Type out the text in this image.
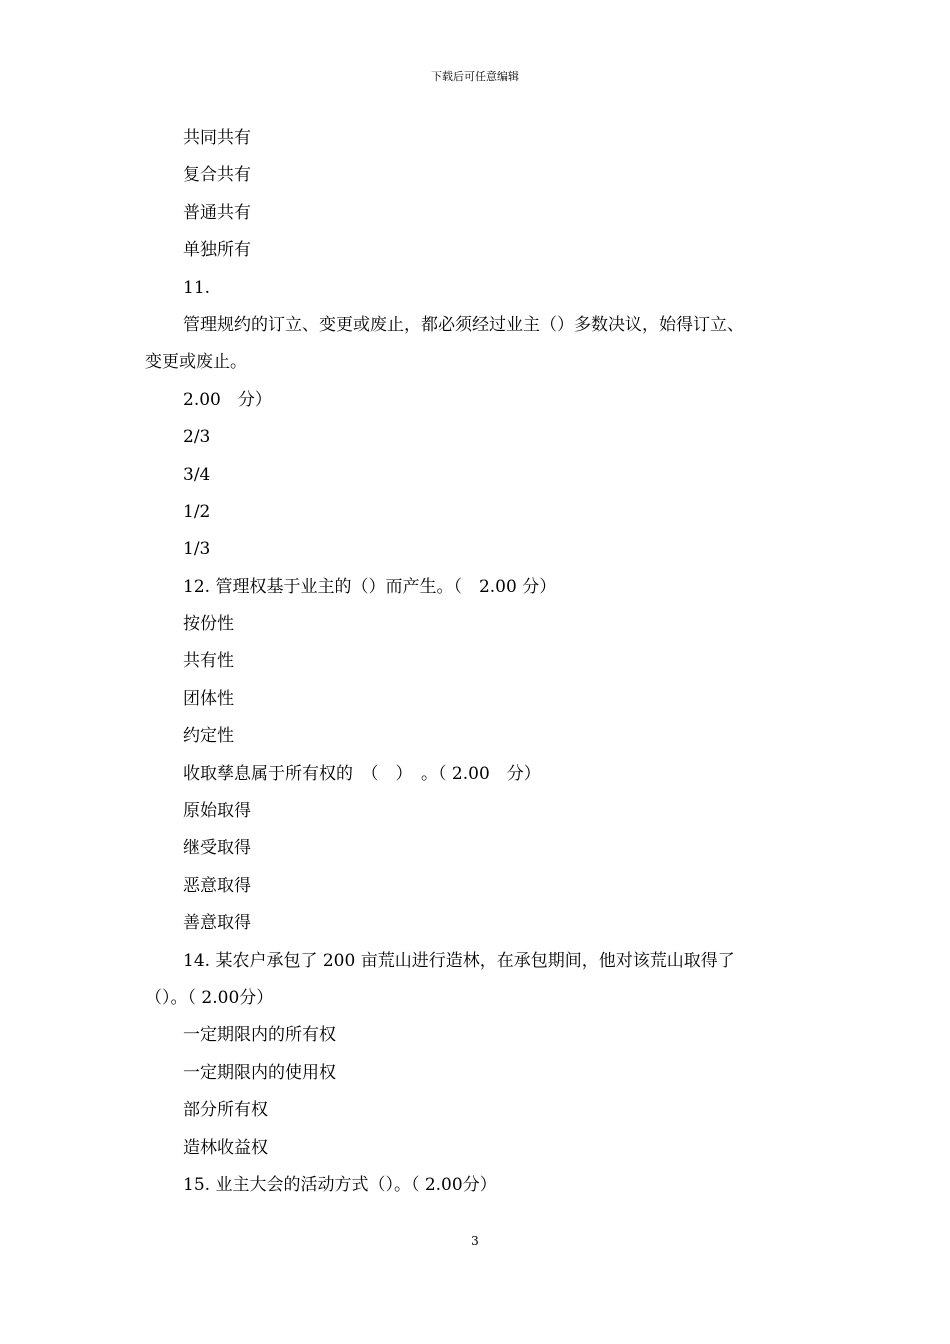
下载后可任意编辑
共同共有
复合共有
普通共有
单独所有
11.
管理规约的订立、变更或废止，都必须经过业主（）多数决议，始得订立、
变更或废止。
2.00　分）
2/3
3/4
1/2
1/3
12. 管理权基于业主的（）而产生。（　2.00 分）
按份性
共有性
团体性
约定性
收取孳息属于所有权的　（　）　。（ 2.00　分）
原始取得
继受取得
恶意取得
善意取得
14. 某农户承包了 200 亩荒山进行造林，在承包期间，他对该荒山取得了
（）。（ 2.00分）
一定期限内的所有权
一定期限内的使用权
部分所有权
造林收益权
15. 业主大会的活动方式（）。（ 2.00分）
3
